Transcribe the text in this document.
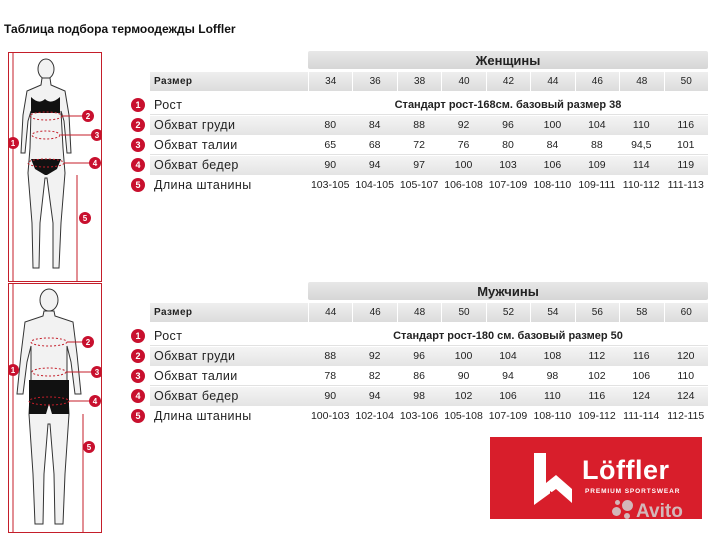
Таблица подбора термоодежды Loffler
2
3
4
1
5
2
3
4
1
5
Женщины
Размер	34	36	38	40	42	44	46	48	50
1	Рост	Стандарт рост-168см. базовый размер 38
2	Обхват груди	80	84	88	92	96	100	104	110	116
3	Обхват талии	65	68	72	76	80	84	88	94,5	101
4	Обхват бедер	90	94	97	100	103	106	109	114	119
5	Длина штанины	103-105 104-105 105-107 106-108 107-109 108-110 109-111 110-112 111-113
Мужчины
Размер	44	46	48	50	52	54	56	58	60
1	Рост	Стандарт рост-180 см. базовый размер 50
2	Обхват груди	88	92	96	100	104	108	112	116	120
3	Обхват талии	78	82	86	90	94	98	102	106	110
4	Обхват бедер	90	94	98	102	106	110	116	124	124
5	Длина штанины	100-103 102-104 103-106 105-108 107-109 108-110 109-112 111-114 112-115
Löffler
PREMIUM SPORTSWEAR
Avito
